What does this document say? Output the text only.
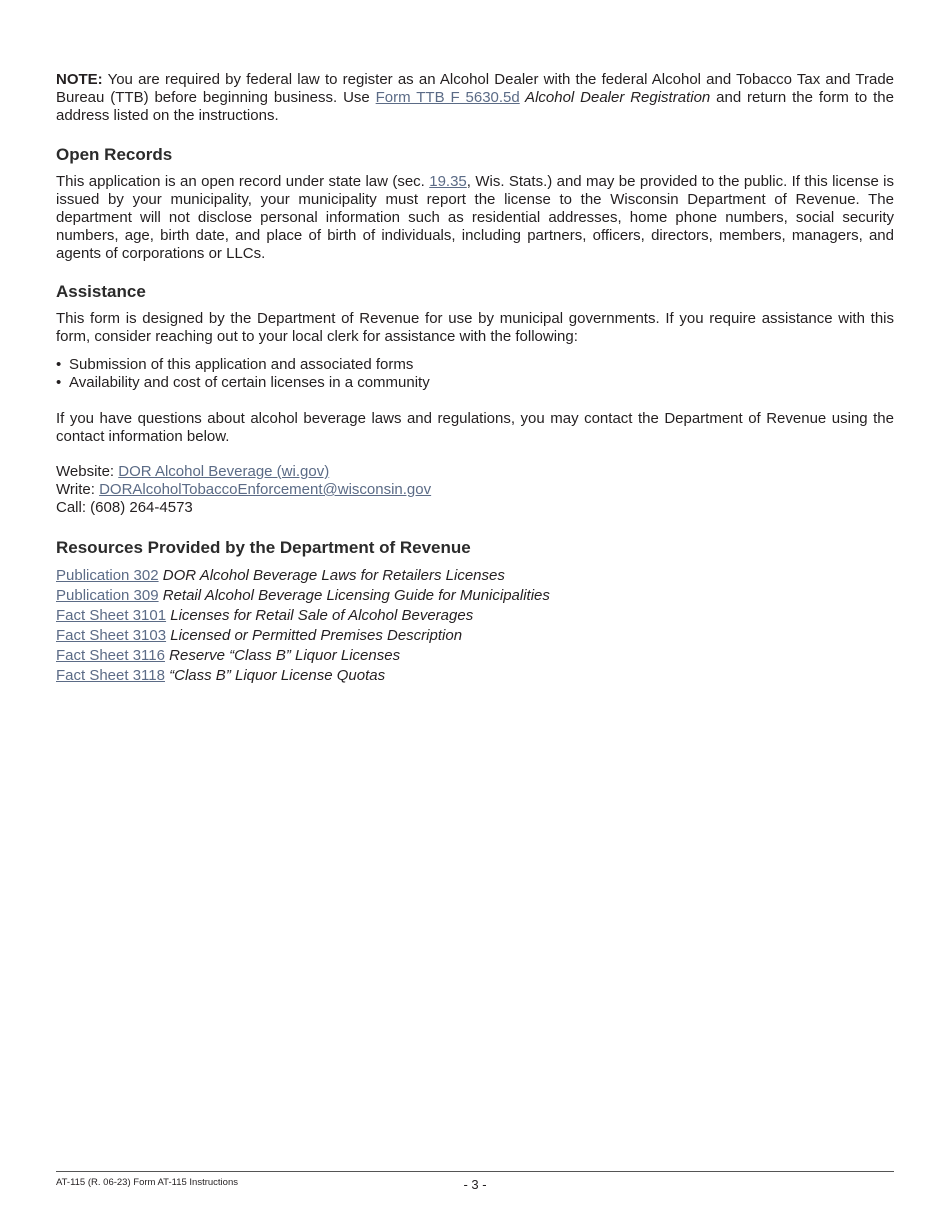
NOTE: You are required by federal law to register as an Alcohol Dealer with the federal Alcohol and Tobacco Tax and Trade Bureau (TTB) before beginning business. Use Form TTB F 5630.5d Alcohol Dealer Registration and return the form to the address listed on the instructions.

Open Records

This application is an open record under state law (sec. 19.35, Wis. Stats.) and may be provided to the public. If this license is issued by your municipality, your municipality must report the license to the Wisconsin Department of Revenue. The department will not disclose personal information such as residential addresses, home phone numbers, social security numbers, age, birth date, and place of birth of individuals, including partners, officers, directors, members, managers, and agents of corporations or LLCs.

Assistance

This form is designed by the Department of Revenue for use by municipal governments. If you require assistance with this form, consider reaching out to your local clerk for assistance with the following:

• Submission of this application and associated forms
• Availability and cost of certain licenses in a community

If you have questions about alcohol beverage laws and regulations, you may contact the Department of Revenue using the contact information below.

Website: DOR Alcohol Beverage (wi.gov)
Write: DORAlcoholTobaccoEnforcement@wisconsin.gov
Call: (608) 264-4573
Resources Provided by the Department of Revenue
Publication 302 DOR Alcohol Beverage Laws for Retailers Licenses
Publication 309 Retail Alcohol Beverage Licensing Guide for Municipalities
Fact Sheet 3101 Licenses for Retail Sale of Alcohol Beverages
Fact Sheet 3103 Licensed or Permitted Premises Description
Fact Sheet 3116 Reserve “Class B” Liquor Licenses
Fact Sheet 3118 “Class B” Liquor License Quotas
AT-115 (R. 06-23) Form AT-115 Instructions	- 3 -
